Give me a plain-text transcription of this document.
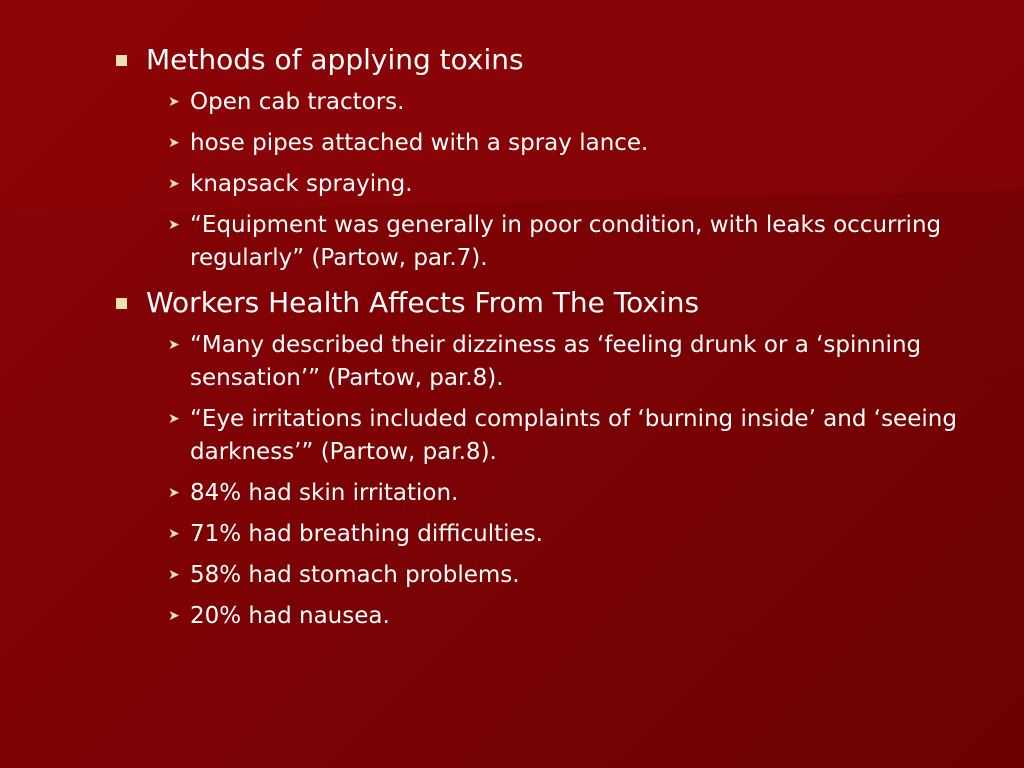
Methods of applying toxins
➤ Open cab tractors.
➤ hose pipes attached with a spray lance.
➤ knapsack spraying.
➤ “Equipment was generally in poor condition, with leaks occurring regularly” (Partow, par.7).
Workers Health Affects From The Toxins
➤ “Many described their dizziness as ‘feeling drunk or a ‘spinning sensation’” (Partow, par.8).
➤ “Eye irritations included complaints of ‘burning inside’ and ‘seeing darkness’” (Partow, par.8).
➤ 84% had skin irritation.
➤ 71% had breathing difficulties.
➤ 58% had stomach problems.
➤ 20% had nausea.
